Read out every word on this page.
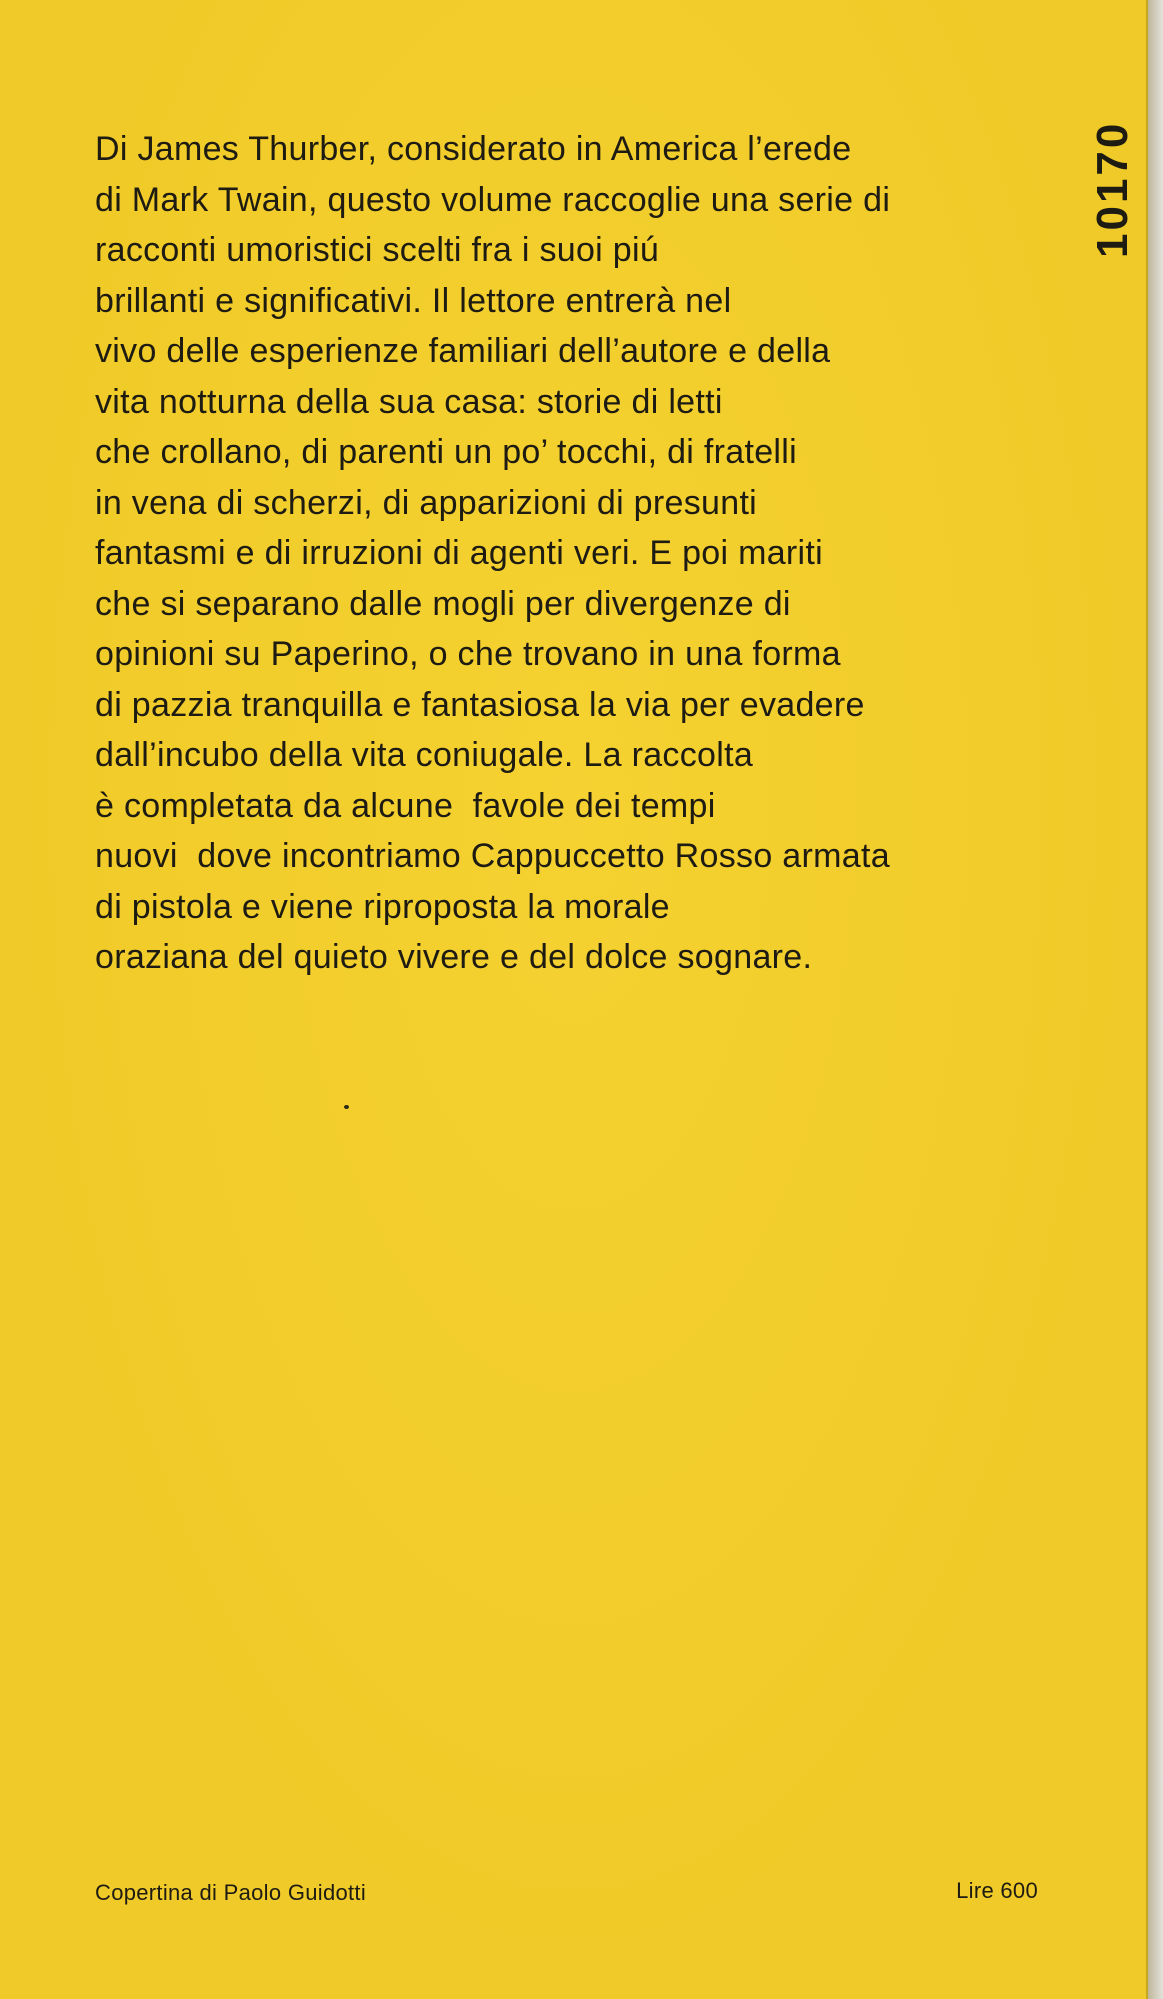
Di James Thurber, considerato in America l’erede
di Mark Twain, questo volume raccoglie una serie di
racconti umoristici scelti fra i suoi piú
brillanti e significativi. Il lettore entrerà nel
vivo delle esperienze familiari dell’autore e della
vita notturna della sua casa: storie di letti
che crollano, di parenti un po’ tocchi, di fratelli
in vena di scherzi, di apparizioni di presunti
fantasmi e di irruzioni di agenti veri. E poi mariti
che si separano dalle mogli per divergenze di
opinioni su Paperino, o che trovano in una forma
di pazzia tranquilla e fantasiosa la via per evadere
dall’incubo della vita coniugale. La raccolta
è completata da alcune  favole dei tempi
nuovi  dove incontriamo Cappuccetto Rosso armata
di pistola e viene riproposta la morale
oraziana del quieto vivere e del dolce sognare.
10170
Copertina di Paolo Guidotti	Lire 600
